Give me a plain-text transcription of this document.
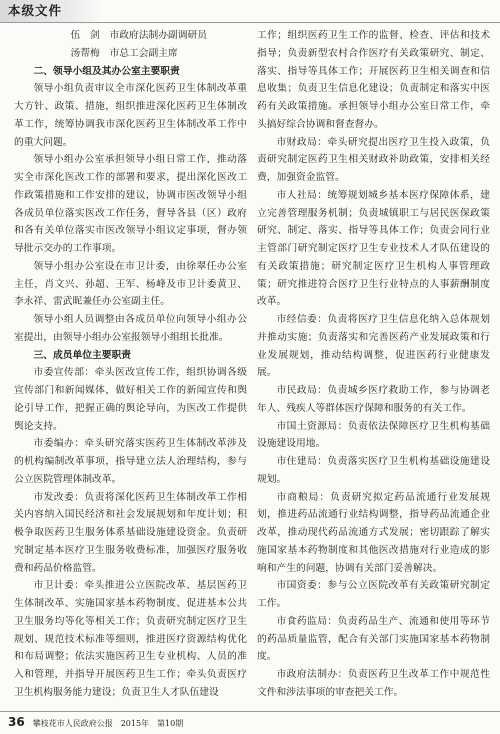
本级文件

伍　剑　市政府法制办副调研员

汤帮梅　市总工会副主席

二、领导小组及其办公室主要职责

领导小组负责审议全市深化医药卫生体制改革重大方针、政策、措施，组织推进深化医药卫生体制改革工作，统筹协调我市深化医药卫生体制改革工作中的重大问题。

领导小组办公室承担领导小组日常工作，推动落实全市深化医改工作的部署和要求，提出深化医改工作政策措施和工作安排的建议，协调市医改领导小组各成员单位落实医改工作任务，督导各县（区）政府和各有关单位落实市医改领导小组议定事项，督办领导批示交办的工作事项。

领导小组办公室设在市卫计委，由徐翠任办公室主任，肖文兴、孙超、王军、杨峰及市卫计委黄卫、李永祥、雷武昵兼任办公室副主任。

领导小组人员调整由各成员单位向领导小组办公室提出，由领导小组办公室报领导小组组长批准。

三、成员单位主要职责

市委宣传部：牵头医改宣传工作，组织协调各级宣传部门和新闻媒体，做好相关工作的新闻宣传和舆论引导工作，把握正确的舆论导向，为医改工作提供舆论支持。

市委编办：牵头研究落实医药卫生体制改革涉及的机构编制改革事项，指导建立法人治理结构，参与公立医院管理体制改革。

市发改委：负责将深化医药卫生体制改革工作相关内容纳入国民经济和社会发展规划和年度计划；积极争取医药卫生服务体系基础设施建设资金。负责研究制定基本医疗卫生服务收费标准，加强医疗服务收费和药品价格监管。

市卫计委：牵头推进公立医院改革、基层医药卫生体制改革、实施国家基本药物制度、促进基本公共卫生服务均等化等相关工作；负责研究制定医疗卫生规划、规范技术标准等细则，推进医疗资源结构优化和布局调整；依法实施医药卫生专业机构、人员的准入和管理，并指导开展医药卫生工作；牵头负责医疗卫生机构服务能力建设；负责卫生人才队伍建设

工作；组织医药卫生工作的监督、检查、评估和技术指导；负责新型农村合作医疗有关政策研究、制定、落实、指导等具体工作；开展医药卫生相关调查和信息收集；负责卫生信息化建设；负责制定和落实中医药有关政策措施。承担领导小组办公室日常工作，牵头搞好综合协调和督查督办。

市财政局：牵头研究提出医疗卫生投入政策，负责研究制定医药卫生相关财政补助政策，安排相关经费，加强资金监管。

市人社局：统筹规划城乡基本医疗保障体系，建立完善管理服务机制；负责城镇职工与居民医保政策研究、制定、落实、指导等具体工作；负责会同行业主管部门研究制定医疗卫生专业技术人才队伍建设的有关政策措施；研究制定医疗卫生机构人事管理政策；研究推进符合医疗卫生行业特点的人事薪酬制度改革。

市经信委：负责将医疗卫生信息化纳入总体规划并推动实施；负责落实和完善医药产业发展政策和行业发展规划，推动结构调整，促进医药行业健康发展。

市民政局：负责城乡医疗救助工作，参与协调老年人、残疾人等群体医疗保障和服务的有关工作。

市国土资源局：负责依法保障医疗卫生机构基础设施建设用地。

市住建局：负责落实医疗卫生机构基础设施建设规划。

市商粮局：负责研究拟定药品流通行业发展规划，推进药品流通行业结构调整，指导药品流通企业改革，推动现代药品流通方式发展；密切跟踪了解实施国家基本药物制度和其他医改措施对行业造成的影响和产生的问题，协调有关部门妥善解决。

市国资委：参与公立医院改革有关政策研究制定工作。

市食药监局：负责药品生产、流通和使用等环节的药品质量监管，配合有关部门实施国家基本药物制度。

市政府法制办：负责医药卫生改革工作中规范性文件和涉法事项的审查把关工作。

36 攀枝花市人民政府公报　2015年　第10期
